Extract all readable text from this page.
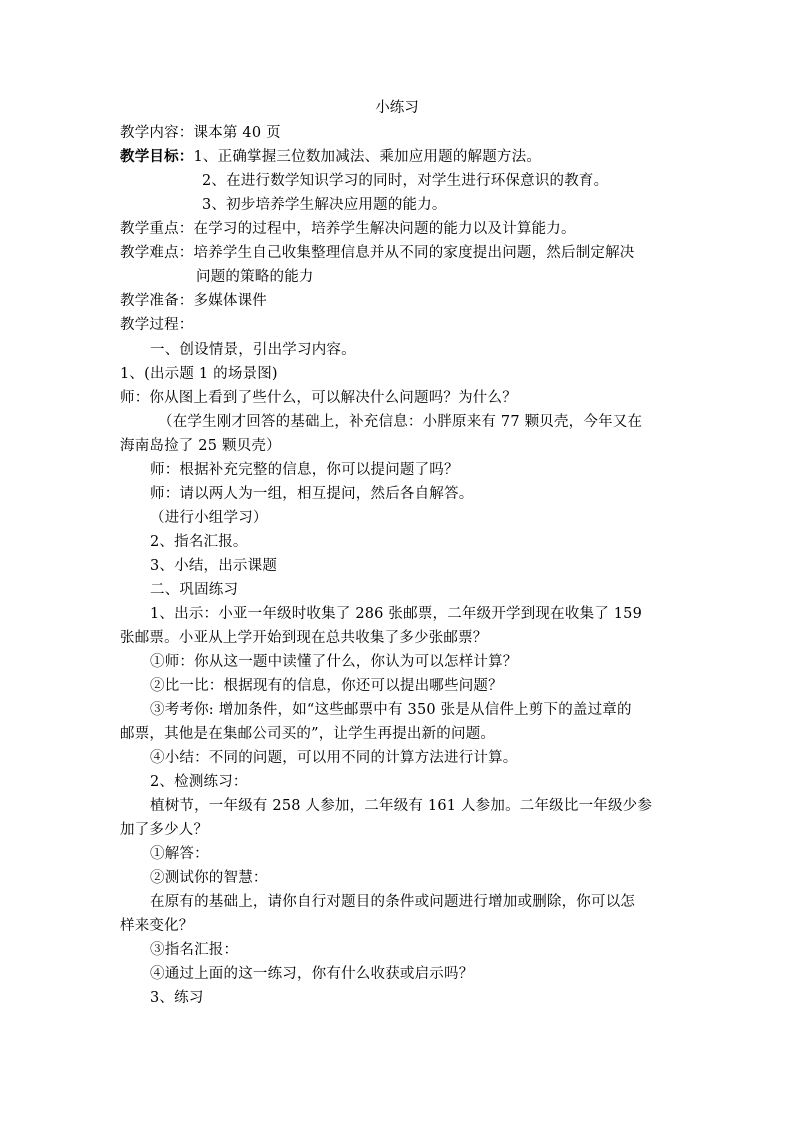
小练习
教学内容：课本第 40 页
教学目标：1、正确掌握三位数加减法、乘加应用题的解题方法。
2、在进行数学知识学习的同时，对学生进行环保意识的教育。
3、初步培养学生解决应用题的能力。
教学重点：在学习的过程中，培养学生解决问题的能力以及计算能力。
教学难点：培养学生自己收集整理信息并从不同的家度提出问题，然后制定解决
问题的策略的能力
教学准备：多媒体课件
教学过程：
一、创设情景，引出学习内容。
1、(出示题 1 的场景图)
师：你从图上看到了些什么，可以解决什么问题吗？为什么？
（在学生刚才回答的基础上，补充信息：小胖原来有 77 颗贝壳，今年又在
海南岛捡了 25 颗贝壳）
师：根据补充完整的信息，你可以提问题了吗？
师：请以两人为一组，相互提问，然后各自解答。
（进行小组学习）
2、指名汇报。
3、小结，出示课题
二、巩固练习
1、出示：小亚一年级时收集了 286 张邮票，二年级开学到现在收集了 159
张邮票。小亚从上学开始到现在总共收集了多少张邮票？
①师：你从这一题中读懂了什么，你认为可以怎样计算？
②比一比：根据现有的信息，你还可以提出哪些问题？
③考考你: 增加条件，如“这些邮票中有 350 张是从信件上剪下的盖过章的
邮票，其他是在集邮公司买的”，让学生再提出新的问题。
④小结：不同的问题，可以用不同的计算方法进行计算。
2、检测练习：
植树节，一年级有 258 人参加，二年级有 161 人参加。二年级比一年级少参
加了多少人？
①解答：
②测试你的智慧：
在原有的基础上，请你自行对题目的条件或问题进行增加或删除，你可以怎
样来变化？
③指名汇报：
④通过上面的这一练习，你有什么收获或启示吗？
3、练习
